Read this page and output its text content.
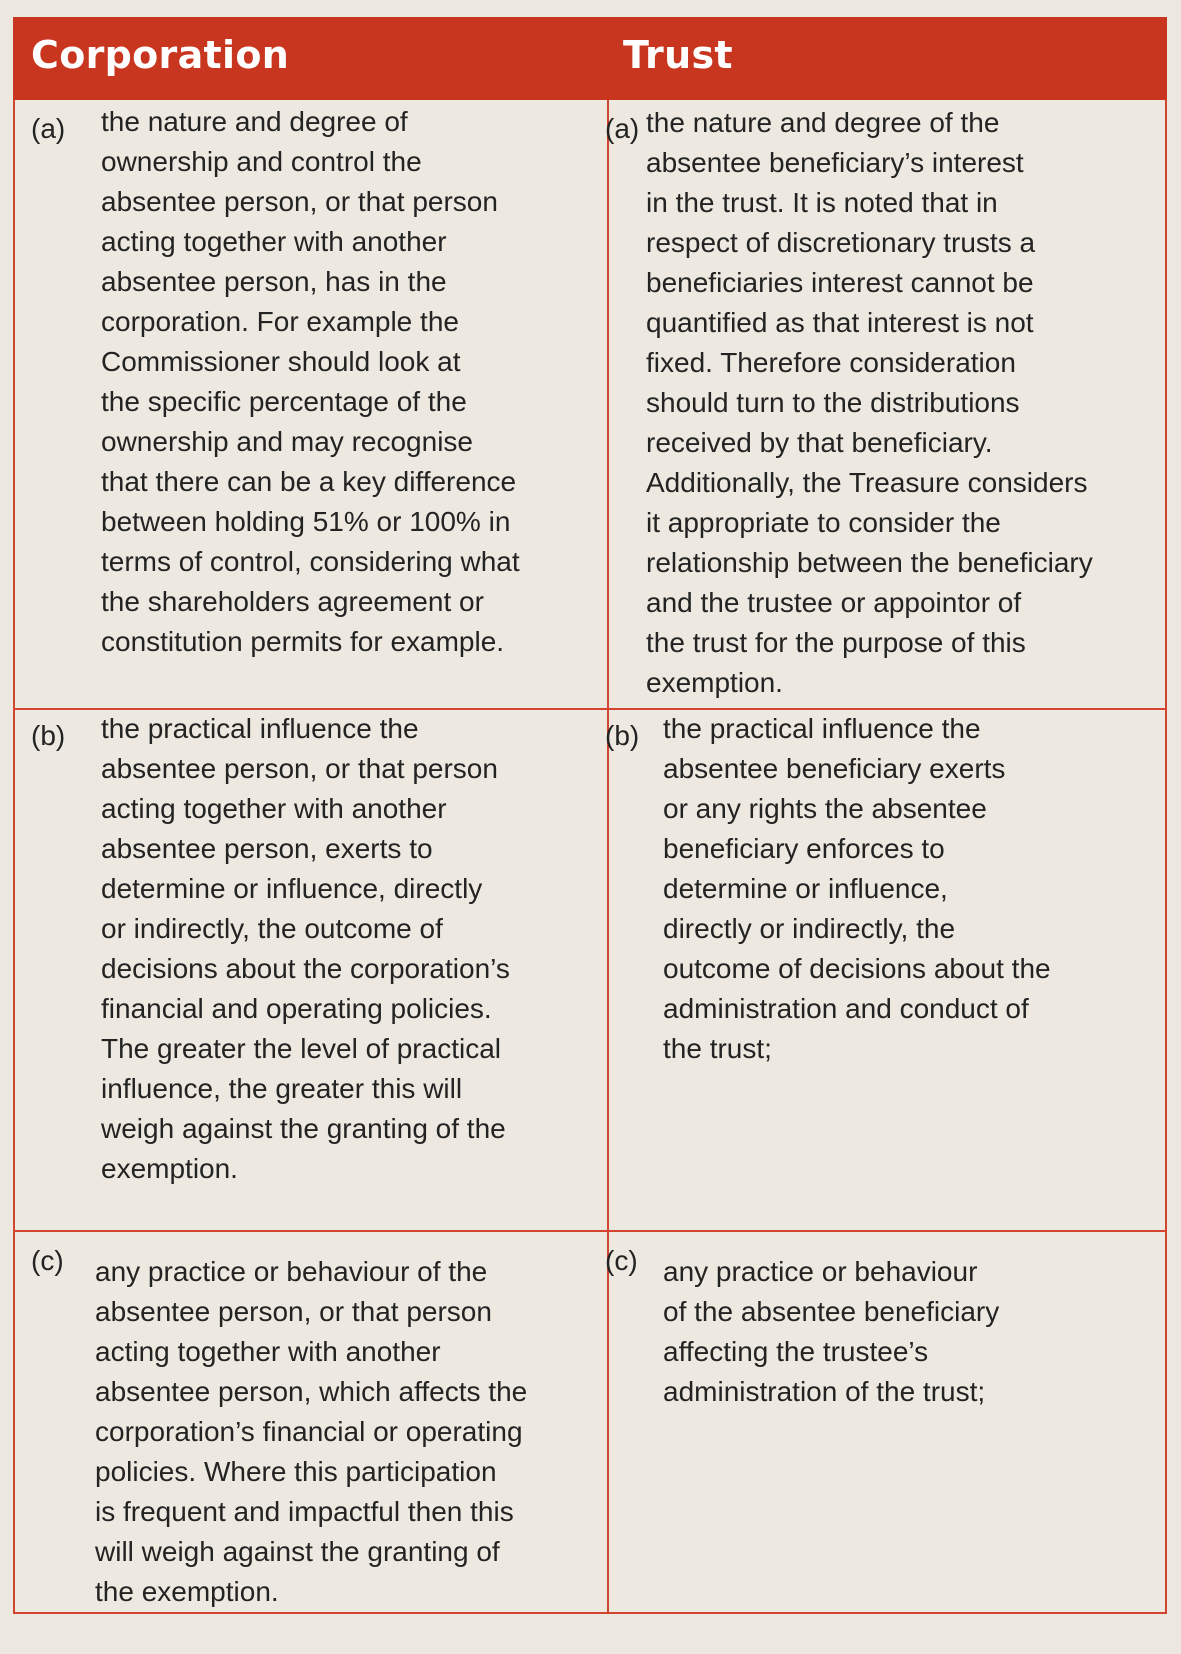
Corporation	Trust
(a) the nature and degree of
ownership and control the
absentee person, or that person
acting together with another
absentee person, has in the
corporation. For example the
Commissioner should look at
the specific percentage of the
ownership and may recognise
that there can be a key difference
between holding 51% or 100% in
terms of control, considering what
the shareholders agreement or
constitution permits for example.
(a) the nature and degree of the
absentee beneficiary’s interest
in the trust. It is noted that in
respect of discretionary trusts a
beneficiaries interest cannot be
quantified as that interest is not
fixed. Therefore consideration
should turn to the distributions
received by that beneficiary.
Additionally, the Treasure considers
it appropriate to consider the
relationship between the beneficiary
and the trustee or appointor of
the trust for the purpose of this
exemption.
(b) the practical influence the
absentee person, or that person
acting together with another
absentee person, exerts to
determine or influence, directly
or indirectly, the outcome of
decisions about the corporation’s
financial and operating policies.
The greater the level of practical
influence, the greater this will
weigh against the granting of the
exemption.
(b) the practical influence the
absentee beneficiary exerts
or any rights the absentee
beneficiary enforces to
determine or influence,
directly or indirectly, the
outcome of decisions about the
administration and conduct of
the trust;
(c) any practice or behaviour of the
absentee person, or that person
acting together with another
absentee person, which affects the
corporation’s financial or operating
policies. Where this participation
is frequent and impactful then this
will weigh against the granting of
the exemption.
(c) any practice or behaviour
of the absentee beneficiary
affecting the trustee’s
administration of the trust;
